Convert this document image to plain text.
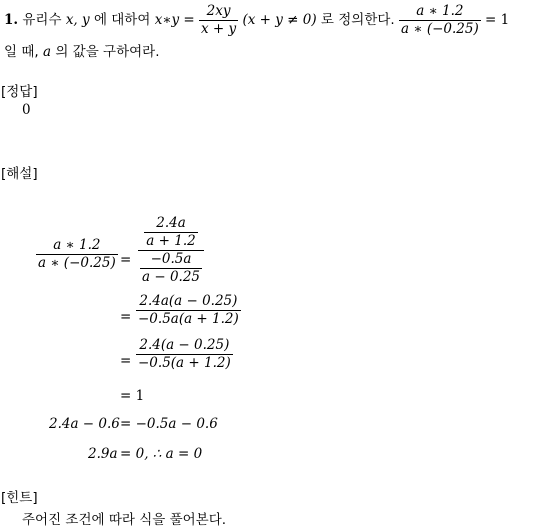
1. 유리수 x, y 에 대하여 x∗y = $\frac{2xy}{x + y} (x + y \ne 0)$ 로 정의한다. $\frac{a ∗ 1.2}{a ∗ (-0.25)} = 1$
일 때, a 의 값을 구하여라.
[정답]
0
[해설]
$\frac{a ∗ 1.2}{a ∗ (-0.25)} = \frac{\frac{2.4a}{a + 1.2}}{\frac{-0.5a}{a - 0.25}}$
= $\frac{2.4a(a - 0.25)}{-0.5a(a + 1.2)}$
= $\frac{2.4(a - 0.25)}{-0.5(a + 1.2)}$
= 1
2.4a − 0.6 = −0.5a − 0.6
2.9a = 0, ∴ a = 0
[힌트]
주어진 조건에 따라 식을 풀어본다.
